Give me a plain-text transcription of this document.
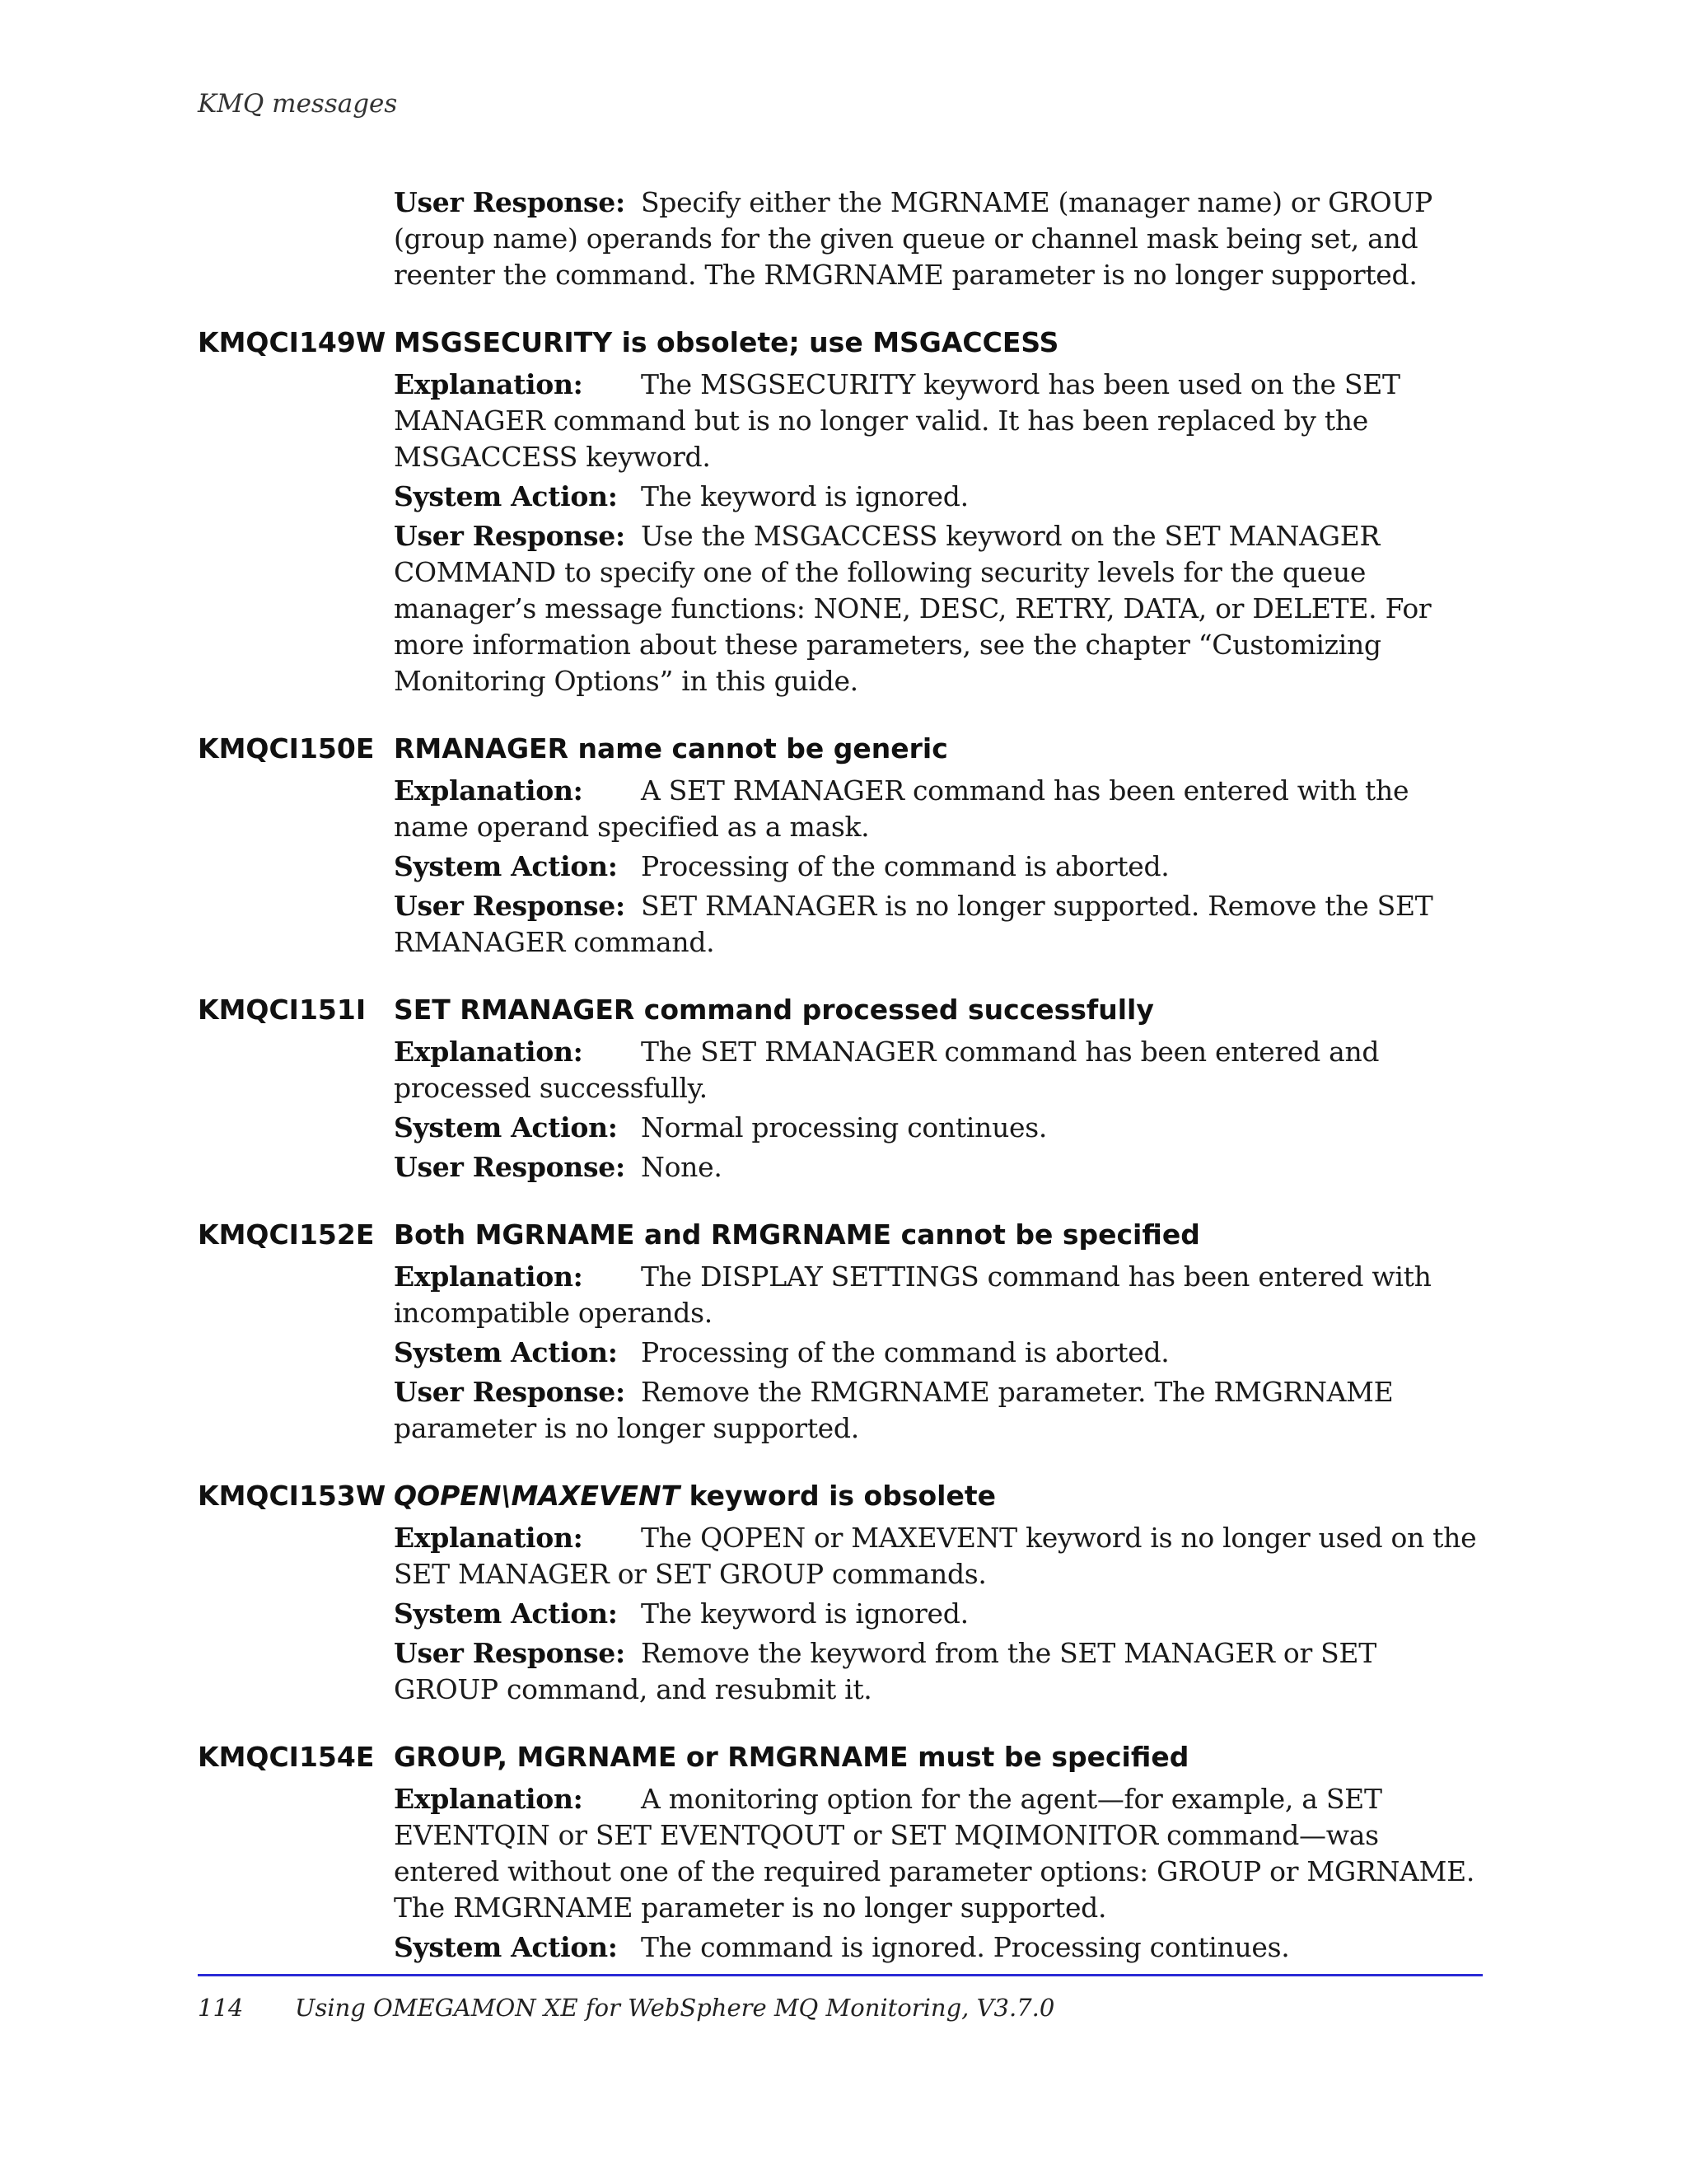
KMQ messages

User Response: Specify either the MGRNAME (manager name) or GROUP (group name) operands for the given queue or channel mask being set, and reenter the command. The RMGRNAME parameter is no longer supported.

KMQCI149W MSGSECURITY is obsolete; use MSGACCESS

Explanation: The MSGSECURITY keyword has been used on the SET MANAGER command but is no longer valid. It has been replaced by the MSGACCESS keyword.

System Action: The keyword is ignored.

User Response: Use the MSGACCESS keyword on the SET MANAGER COMMAND to specify one of the following security levels for the queue manager’s message functions: NONE, DESC, RETRY, DATA, or DELETE. For more information about these parameters, see the chapter “Customizing Monitoring Options” in this guide.

KMQCI150E RMANAGER name cannot be generic

Explanation: A SET RMANAGER command has been entered with the name operand specified as a mask.

System Action: Processing of the command is aborted.

User Response: SET RMANAGER is no longer supported. Remove the SET RMANAGER command.

KMQCI151I	SET RMANAGER command processed successfully

Explanation: The SET RMANAGER command has been entered and processed successfully.

System Action: Normal processing continues.

User Response: None.

KMQCI152E Both MGRNAME and RMGRNAME cannot be specified

Explanation: The DISPLAY SETTINGS command has been entered with incompatible operands.

System Action: Processing of the command is aborted.

User Response: Remove the RMGRNAME parameter. The RMGRNAME parameter is no longer supported.

KMQCI153W QOPEN\MAXEVENT keyword is obsolete

Explanation: The QOPEN or MAXEVENT keyword is no longer used on the SET MANAGER or SET GROUP commands.

System Action: The keyword is ignored.

User Response: Remove the keyword from the SET MANAGER or SET GROUP command, and resubmit it.

KMQCI154E GROUP, MGRNAME or RMGRNAME must be specified

Explanation: A monitoring option for the agent—for example, a SET EVENTQIN or SET EVENTQOUT or SET MQIMONITOR command—was entered without one of the required parameter options: GROUP or MGRNAME. The RMGRNAME parameter is no longer supported.

System Action: The command is ignored. Processing continues.

114 Using OMEGAMON XE for WebSphere MQ Monitoring, V3.7.0
